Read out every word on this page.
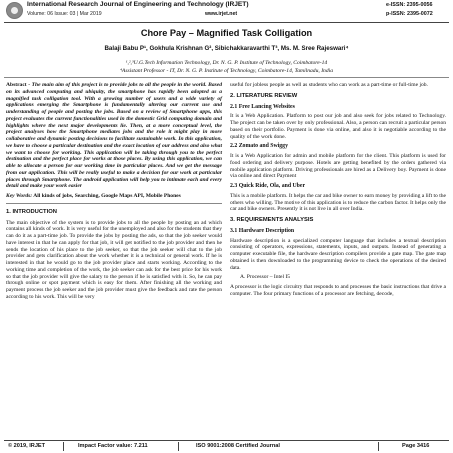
International Research Journal of Engineering and Technology (IRJET)
Volume: 06 Issue: 03 | Mar 2019	www.irjet.net
e-ISSN: 2395-0056
p-ISSN: 2395-0072
Chore Pay – Magnified Task Colligation
Balaji Babu P¹, Gokhula Krishnan G², Sibichakkaravarthi T³, Ms. M. Sree Rajeswari⁴
¹,²,³U.G.Tech Information Technology, Dr. N. G. P. Institute of Technology, Coimbatore-14
⁴Assistant Professor - IT, Dr. N. G. P. Institute of Technology, Coimbatore-14, Tamilnadu, India

Abstract - The main aim of this project is to provide jobs to all the people in the world. Based on its advanced computing and ubiquity, the smartphone has rapidly been adopted as a magnified task colligation tool. With a growing number of users and a wide variety of applications emerging the Smartphone is fundamentally altering our current use and understanding of people and posting the jobs. Based on a review of Smartphone apps, this project evaluates the current functionalities used in the domestic Grid computing domain and highlights where the next major developments lie. Then, at a more conceptual level, the project analyses how the Smartphone mediates jobs and the role it might play in more collaborative and dynamic posting decisions to facilitate sustainable work. In this application, we have to choose a particular destination and the exact location of our address and also what we want to choose for working. This application will be taking through you to the perfect destination and the perfect place for works at those places. By using this application, we can able to allocate a person for our working time in particular places. And we get the message from our application. This will be really useful to make a decision for our work at particular places through Smartphone. The android application will help you to intimate each and every detail and make your work easier

Key Words: All kinds of jobs, Searching, Google Maps API, Mobile Phones

1. INTRODUCTION

The main objective of the system is to provide jobs to all the people by posting an ad which contains all kinds of work. It is very useful for the unemployed and also for the students that they can do it as a part-time job. To provide the jobs by posting the ads, so that the job seeker would have interest in that he can apply for that job, it will get notified to the job provider and then he sends the location of his place to the job seeker, so that the job seeker will chat to the job provider and gets clarification about the work whether it is a technical or general work. If he is interested in that he would go to the job provider place and starts working. According to the working time and completion of the work, the job seeker can ask for the best price for his work so that the job provider will give the salary to the person if he is satisfied with it. So, he can pay through online or spot payment which is easy for them. After finishing all the working and payment process the job seeker and the job provider must give the feedback and rate the person according to his work. This will be very

useful for jobless people as well as students who can work as a part-time or full-time job.

2. LITERATURE REVIEW
2.1 Free Lancing Websites

It is a Web Application. Platform to post our job and also seek for jobs related to Technology. The project can be taken over by only professional. Also, a person can recruit a particular person based on their portfolio. Payment is done via online, and also it is negotiable according to the quality of the work done.

2.2 Zomato and Swiggy

It is a Web Application for admin and mobile platform for the client. This platform is used for food ordering and delivery purpose. Hotels are getting benefited by the orders gathered via mobile application platform. Driving professionals are hired as a Delivery boy. Payment is done via online and direct Payment

2.3 Quick Ride, Ola, and Uber

This is a mobile platform. It helps the car and bike owner to earn money by providing a lift to the others who willing. The motive of this application is to reduce the carbon factor. It helps only the car and bike owners. Presently it is not live in all over India.

3. REQUIREMENTS ANALYSIS
3.1 Hardware Description

Hardware description is a specialized computer language that includes a textual description consisting of operators, expressions, statements, inputs, and outputs. Instead of generating a computer executable file, the hardware description compilers provide a gate map. The gate map obtained is then downloaded to the programming device to check the operations of the desired data.

A. Processor – Intel I5

A processor is the logic circuitry that responds to and processes the basic instructions that drive a computer. The four primary functions of a processor are fetching, decode,

© 2019, IRJET	Impact Factor value: 7.211	ISO 9001:2008 Certified Journal	Page 3416
